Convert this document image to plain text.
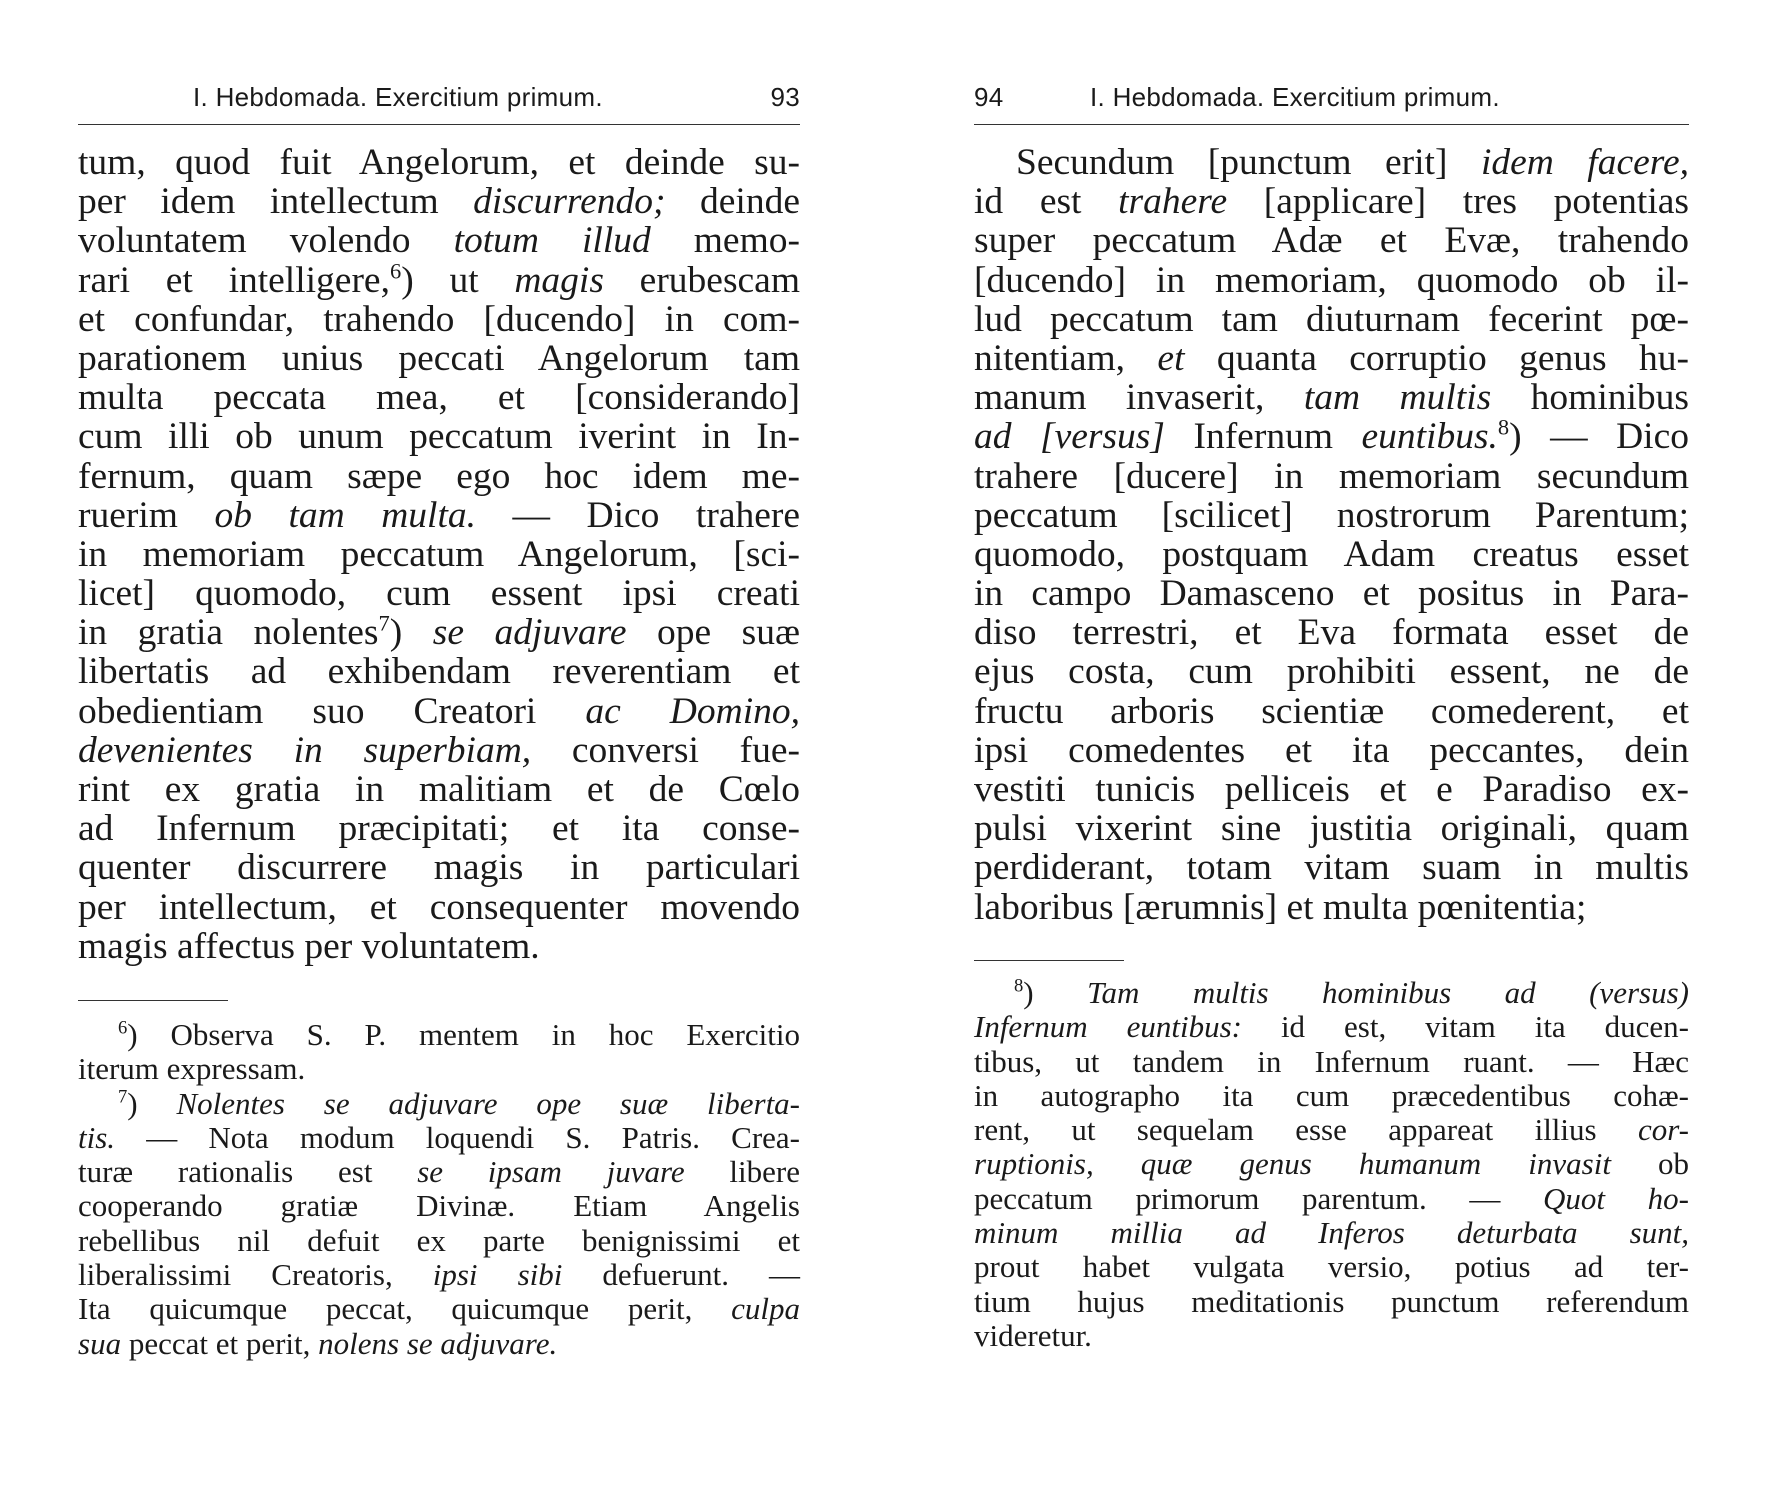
I. Hebdomada. Exercitium primum.	93
tum, quod fuit Angelorum, et deinde su-
per idem intellectum discurrendo; deinde
voluntatem volendo totum illud memo-
rari et intelligere,$^6$) ut magis erubescam
et confundar, trahendo [ducendo] in com-
parationem unius peccati Angelorum tam
multa peccata mea, et [considerando]
cum illi ob unum peccatum iverint in In-
fernum, quam sæpe ego hoc idem me-
ruerim ob tam multa. — Dico trahere
in memoriam peccatum Angelorum, [sci-
licet] quomodo, cum essent ipsi creati
in gratia nolentes$^7$) se adjuvare ope suæ
libertatis ad exhibendam reverentiam et
obedientiam suo Creatori ac Domino,
devenientes in superbiam, conversi fue-
rint ex gratia in malitiam et de Cœlo
ad Infernum præcipitati; et ita conse-
quenter discurrere magis in particulari
per intellectum, et consequenter movendo
magis affectus per voluntatem.
$^6$) Observa S. P. mentem in hoc Exercitio
iterum expressam.
$^7$) Nolentes se adjuvare ope suæ liberta-
tis. — Nota modum loquendi S. Patris. Crea-
turæ rationalis est se ipsam juvare libere
cooperando gratiæ Divinæ. Etiam Angelis
rebellibus nil defuit ex parte benignissimi et
liberalissimi Creatoris, ipsi sibi defuerunt. —
Ita quicumque peccat, quicumque perit, culpa
sua peccat et perit, nolens se adjuvare.
94	I. Hebdomada. Exercitium primum.
Secundum [punctum erit] idem facere,
id est trahere [applicare] tres potentias
super peccatum Adæ et Evæ, trahendo
[ducendo] in memoriam, quomodo ob il-
lud peccatum tam diuturnam fecerint pœ-
nitentiam, et quanta corruptio genus hu-
manum invaserit, tam multis hominibus
ad [versus] Infernum euntibus.$^8$) — Dico
trahere [ducere] in memoriam secundum
peccatum [scilicet] nostrorum Parentum;
quomodo, postquam Adam creatus esset
in campo Damasceno et positus in Para-
diso terrestri, et Eva formata esset de
ejus costa, cum prohibiti essent, ne de
fructu arboris scientiæ comederent, et
ipsi comedentes et ita peccantes, dein
vestiti tunicis pelliceis et e Paradiso ex-
pulsi vixerint sine justitia originali, quam
perdiderant, totam vitam suam in multis
laboribus [ærumnis] et multa pœnitentia;
$^8$) Tam multis hominibus ad (versus)
Infernum euntibus: id est, vitam ita ducen-
tibus, ut tandem in Infernum ruant. — Hæc
in autographo ita cum præcedentibus cohæ-
rent, ut sequelam esse appareat illius cor-
ruptionis, quæ genus humanum invasit ob
peccatum primorum parentum. — Quot ho-
minum millia ad Inferos deturbata sunt,
prout habet vulgata versio, potius ad ter-
tium hujus meditationis punctum referendum
videretur.
